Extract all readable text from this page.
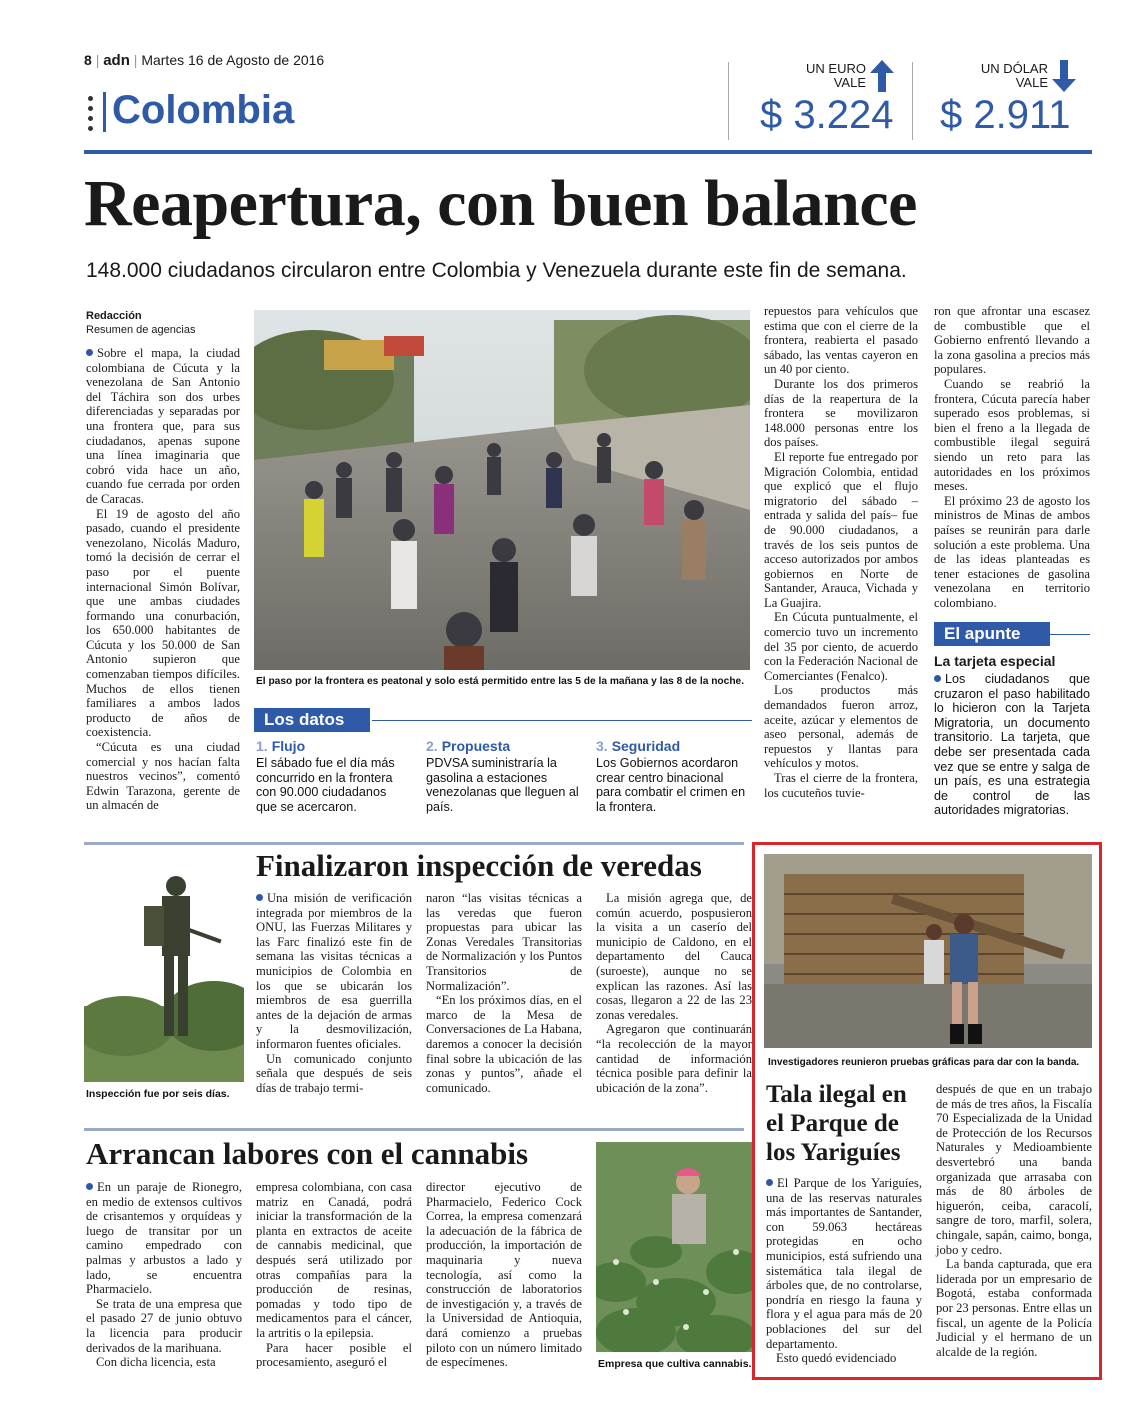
8 | adn | Martes 16 de Agosto de 2016
Colombia
UN EURO
VALE
$ 3.224
UN DÓLAR
VALE
$ 2.911
Reapertura, con buen balance
148.000 ciudadanos circularon entre Colombia y Venezuela durante este fin de semana.
Redacción
Resumen de agencias

Sobre el mapa, la ciudad colombiana de Cúcuta y la venezolana de San Antonio del Táchira son dos urbes diferenciadas y separadas por una frontera que, para sus ciudadanos, apenas supone una línea imaginaria que cobró vida hace un año, cuando fue cerrada por orden de Caracas.

El 19 de agosto del año pasado, cuando el presidente venezolano, Nicolás Maduro, tomó la decisión de cerrar el paso por el puente internacional Simón Bolívar, que une ambas ciudades formando una conurbación, los 650.000 habitantes de Cúcuta y los 50.000 de San Antonio supieron que comenzaban tiempos difíciles. Muchos de ellos tienen familiares a ambos lados producto de años de coexistencia.

“Cúcuta es una ciudad comercial y nos hacían falta nuestros vecinos”, comentó Edwin Tarazona, gerente de un almacén de

El paso por la frontera es peatonal y solo está permitido entre las 5 de la mañana y las 8 de la noche.

repuestos para vehículos que estima que con el cierre de la frontera, reabierta el pasado sábado, las ventas cayeron en un 40 por ciento.

Durante los dos primeros días de la reapertura de la frontera se movilizaron 148.000 personas entre los dos países.

El reporte fue entregado por Migración Colombia, entidad que explicó que el flujo migratorio del sábado –entrada y salida del país– fue de 90.000 ciudadanos, a través de los seis puntos de acceso autorizados por ambos gobiernos en Norte de Santander, Arauca, Vichada y La Guajira.

En Cúcuta puntualmente, el comercio tuvo un incremento del 35 por ciento, de acuerdo con la Federación Nacional de Comerciantes (Fenalco).

Los productos más demandados fueron arroz, aceite, azúcar y elementos de aseo personal, además de repuestos y llantas para vehículos y motos.

Tras el cierre de la frontera, los cucuteños tuvie-

ron que afrontar una escasez de combustible que el Gobierno enfrentó llevando a la zona gasolina a precios más populares.

Cuando se reabrió la frontera, Cúcuta parecía haber superado esos problemas, si bien el freno a la llegada de combustible ilegal seguirá siendo un reto para las autoridades en los próximos meses.

El próximo 23 de agosto los ministros de Minas de ambos países se reunirán para darle solución a este problema. Una de las ideas planteadas es tener estaciones de gasolina venezolana en territorio colombiano.

El apunte
La tarjeta especial
Los ciudadanos que cruzaron el paso habilitado lo hicieron con la Tarjeta Migratoria, un documento transitorio. La tarjeta, que debe ser presentada cada vez que se entre y salga de un país, es una estrategia de control de las autoridades migratorias.
Los datos
1. Flujo
El sábado fue el día más concurrido en la frontera con 90.000 ciudadanos que se acercaron.
2. Propuesta
PDVSA suministraría la gasolina a estaciones venezolanas que lleguen al país.
3. Seguridad
Los Gobiernos acordaron crear centro binacional para combatir el crimen en la frontera.
Finalizaron inspección de veredas
Inspección fue por seis días.

Una misión de verificación integrada por miembros de la ONU, las Fuerzas Militares y las Farc finalizó este fin de semana las visitas técnicas a municipios de Colombia en los que se ubicarán los miembros de esa guerrilla antes de la dejación de armas y la desmovilización, informaron fuentes oficiales.

Un comunicado conjunto señala que después de seis días de trabajo termi-

naron “las visitas técnicas a las veredas que fueron propuestas para ubicar las Zonas Veredales Transitorias de Normalización y los Puntos Transitorios de Normalización”.

“En los próximos días, en el marco de la Mesa de Conversaciones de La Habana, daremos a conocer la decisión final sobre la ubicación de las zonas y puntos”, añade el comunicado.

La misión agrega que, de común acuerdo, pospusieron la visita a un caserío del municipio de Caldono, en el departamento del Cauca (suroeste), aunque no se explican las razones. Así las cosas, llegaron a 22 de las 23 zonas veredales.

Agregaron que continuarán “la recolección de la mayor cantidad de información técnica posible para definir la ubicación de la zona”.

Arrancan labores con el cannabis

En un paraje de Rionegro, en medio de extensos cultivos de crisantemos y orquídeas y luego de transitar por un camino empedrado con palmas y arbustos a lado y lado, se encuentra Pharmacielo.

Se trata de una empresa que el pasado 27 de junio obtuvo la licencia para producir derivados de la marihuana.

Con dicha licencia, esta

empresa colombiana, con casa matriz en Canadá, podrá iniciar la transformación de la planta en extractos de aceite de cannabis medicinal, que después será utilizado por otras compañías para la producción de resinas, pomadas y todo tipo de medicamentos para el cáncer, la artritis o la epilepsia.

Para hacer posible el procesamiento, aseguró el

director ejecutivo de Pharmacielo, Federico Cock Correa, la empresa comenzará la adecuación de la fábrica de producción, la importación de maquinaria y nueva tecnología, así como la construcción de laboratorios de investigación y, a través de la Universidad de Antioquia, dará comienzo a pruebas piloto con un número limitado de especímenes.	Empresa que cultiva cannabis.
Investigadores reunieron pruebas gráficas para dar con la banda.
Tala ilegal en el Parque de los Yariguíes

El Parque de los Yariguíes, una de las reservas naturales más importantes de Santander, con 59.063 hectáreas protegidas en ocho municipios, está sufriendo una sistemática tala ilegal de árboles que, de no controlarse, pondría en riesgo la fauna y flora y el agua para más de 20 poblaciones del sur del departamento.

Esto quedó evidenciado

después de que en un trabajo de más de tres años, la Fiscalía 70 Especializada de la Unidad de Protección de los Recursos Naturales y Medioambiente desvertebró una banda organizada que arrasaba con más de 80 árboles de higuerón, ceiba, caracolí, sangre de toro, marfil, solera, chingale, sapán, caimo, bonga, jobo y cedro.

La banda capturada, que era liderada por un empresario de Bogotá, estaba conformada por 23 personas. Entre ellas un fiscal, un agente de la Policía Judicial y el hermano de un alcalde de la región.
